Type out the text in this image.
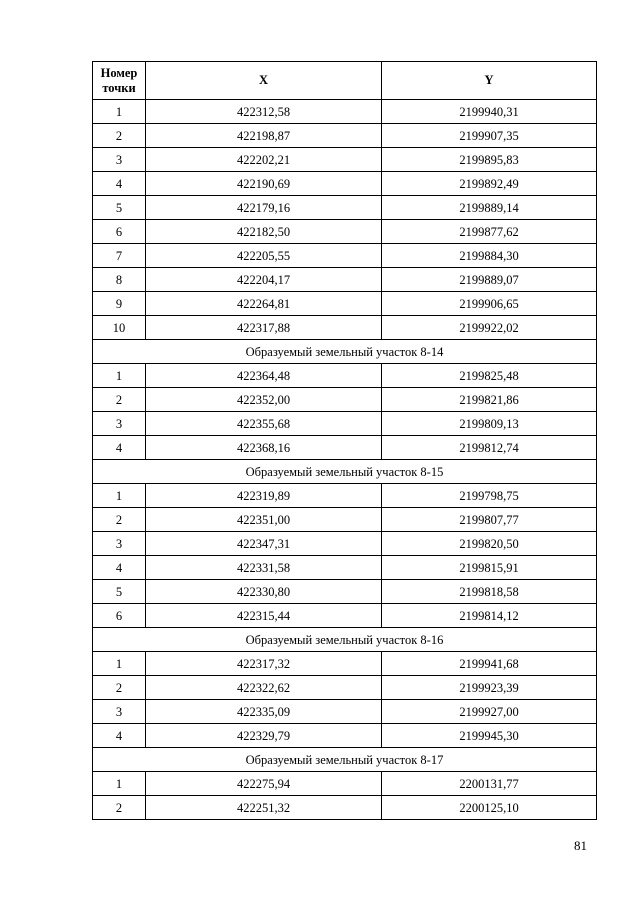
Номер
точки	X	Y
1	422312,58	2199940,31
2	422198,87	2199907,35
3	422202,21	2199895,83
4	422190,69	2199892,49
5	422179,16	2199889,14
6	422182,50	2199877,62
7	422205,55	2199884,30
8	422204,17	2199889,07
9	422264,81	2199906,65
10	422317,88	2199922,02
Образуемый земельный участок 8-14		
1	422364,48	2199825,48
2	422352,00	2199821,86
3	422355,68	2199809,13
4	422368,16	2199812,74
Образуемый земельный участок 8-15		
1	422319,89	2199798,75
2	422351,00	2199807,77
3	422347,31	2199820,50
4	422331,58	2199815,91
5	422330,80	2199818,58
6	422315,44	2199814,12
Образуемый земельный участок 8-16		
1	422317,32	2199941,68
2	422322,62	2199923,39
3	422335,09	2199927,00
4	422329,79	2199945,30
Образуемый земельный участок 8-17		
1	422275,94	2200131,77
2	422251,32	2200125,10
81
